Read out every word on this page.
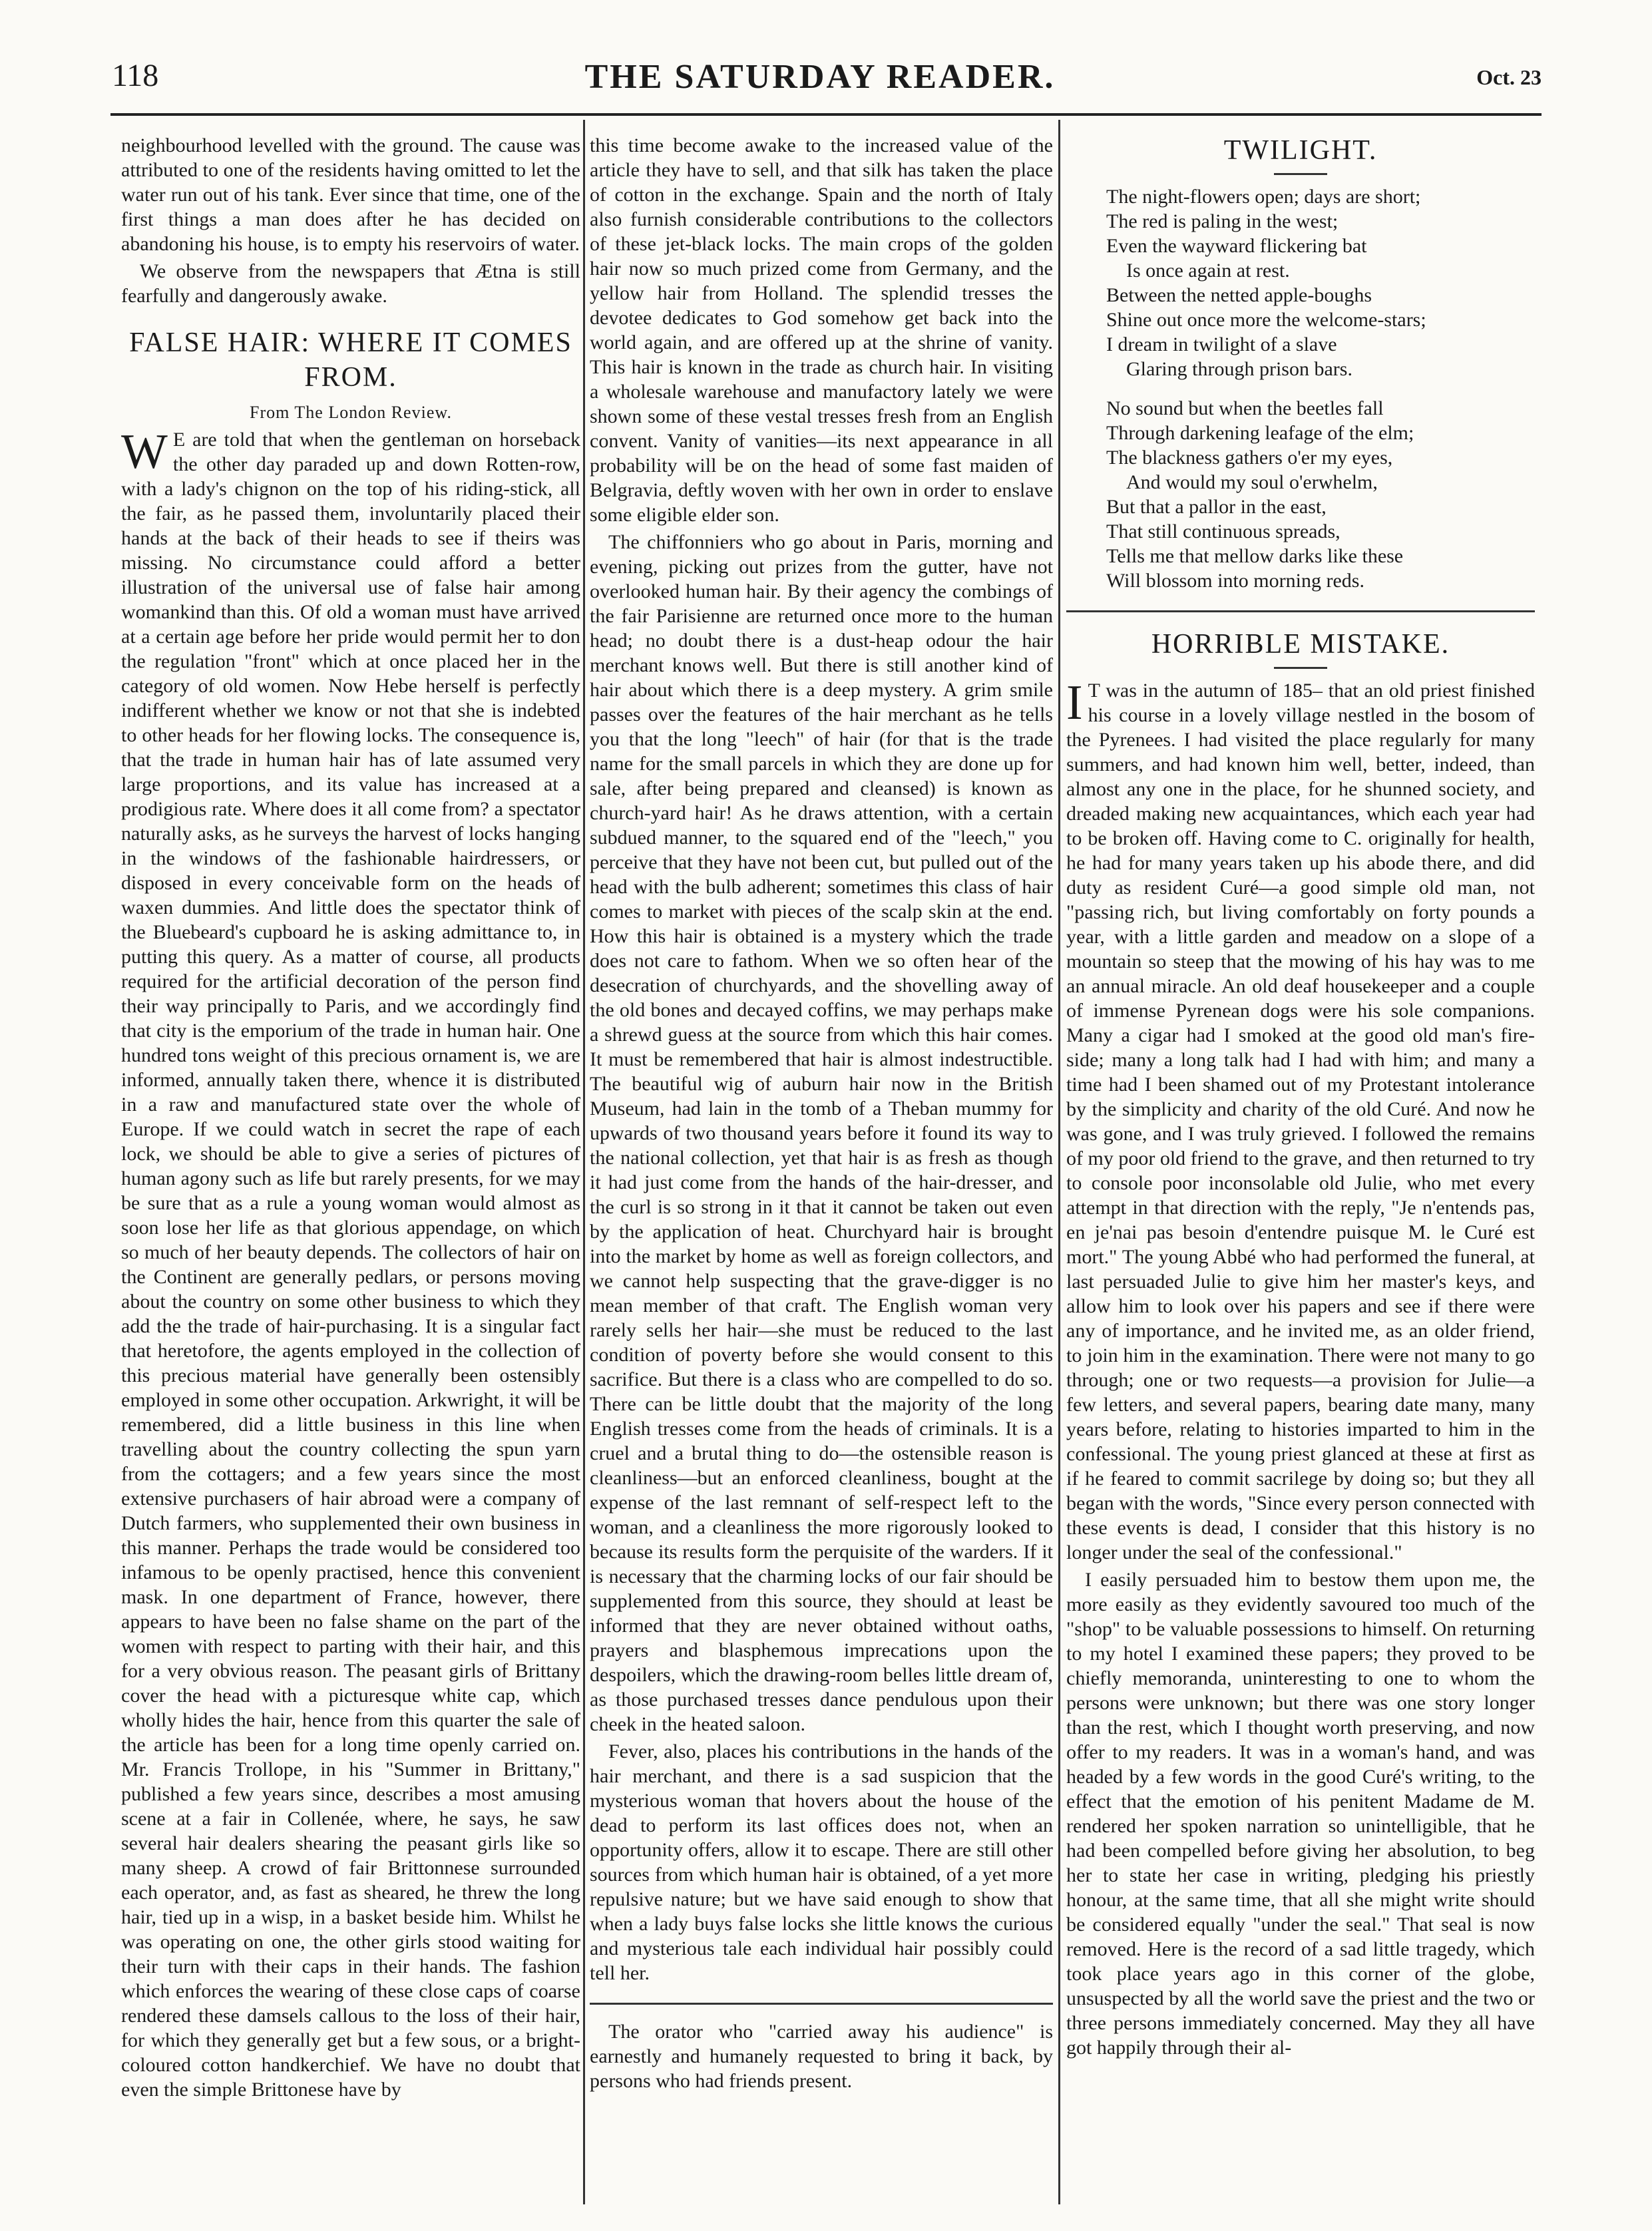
118	THE SATURDAY READER.	Oct. 23

neighbourhood levelled with the ground. The cause was attributed to one of the residents having omitted to let the water run out of his tank. Ever since that time, one of the first things a man does after he has decided on abandoning his house, is to empty his reservoirs of water.

We observe from the newspapers that Ætna is still fearfully and dangerously awake.

FALSE HAIR: WHERE IT COMES FROM.
From The London Review.

W E are told that when the gentleman on horseback the other day paraded up and down Rotten-row, with a lady's chignon on the top of his riding-stick, all the fair, as he passed them, involuntarily placed their hands at the back of their heads to see if theirs was missing. No circumstance could afford a better illustration of the universal use of false hair among womankind than this. Of old a woman must have arrived at a certain age before her pride would permit her to don the regulation "front" which at once placed her in the category of old women. Now Hebe herself is perfectly indifferent whether we know or not that she is indebted to other heads for her flowing locks. The consequence is, that the trade in human hair has of late assumed very large proportions, and its value has increased at a prodigious rate. Where does it all come from? a spectator naturally asks, as he surveys the harvest of locks hanging in the windows of the fashionable hairdressers, or disposed in every conceivable form on the heads of waxen dummies. And little does the spectator think of the Bluebeard's cupboard he is asking admittance to, in putting this query. As a matter of course, all products required for the artificial decoration of the person find their way principally to Paris, and we accordingly find that city is the emporium of the trade in human hair. One hundred tons weight of this precious ornament is, we are informed, annually taken there, whence it is distributed in a raw and manufactured state over the whole of Europe. If we could watch in secret the rape of each lock, we should be able to give a series of pictures of human agony such as life but rarely presents, for we may be sure that as a rule a young woman would almost as soon lose her life as that glorious appendage, on which so much of her beauty depends. The collectors of hair on the Continent are generally pedlars, or persons moving about the country on some other business to which they add the the trade of hair-purchasing. It is a singular fact that heretofore, the agents employed in the collection of this precious material have generally been ostensibly employed in some other occupation. Arkwright, it will be remembered, did a little business in this line when travelling about the country collecting the spun yarn from the cottagers; and a few years since the most extensive purchasers of hair abroad were a company of Dutch farmers, who supplemented their own business in this manner. Perhaps the trade would be considered too infamous to be openly practised, hence this convenient mask. In one department of France, however, there appears to have been no false shame on the part of the women with respect to parting with their hair, and this for a very obvious reason. The peasant girls of Brittany cover the head with a picturesque white cap, which wholly hides the hair, hence from this quarter the sale of the article has been for a long time openly carried on. Mr. Francis Trollope, in his "Summer in Brittany," published a few years since, describes a most amusing scene at a fair in Collenée, where, he says, he saw several hair dealers shearing the peasant girls like so many sheep. A crowd of fair Brittonnese surrounded each operator, and, as fast as sheared, he threw the long hair, tied up in a wisp, in a basket beside him. Whilst he was operating on one, the other girls stood waiting for their turn with their caps in their hands. The fashion which enforces the wearing of these close caps of coarse rendered these damsels callous to the loss of their hair, for which they generally get but a few sous, or a bright-coloured cotton handkerchief. We have no doubt that even the simple Brittonese have by

this time become awake to the increased value of the article they have to sell, and that silk has taken the place of cotton in the exchange. Spain and the north of Italy also furnish considerable contributions to the collectors of these jet-black locks. The main crops of the golden hair now so much prized come from Germany, and the yellow hair from Holland. The splendid tresses the devotee dedicates to God somehow get back into the world again, and are offered up at the shrine of vanity. This hair is known in the trade as church hair. In visiting a wholesale warehouse and manufactory lately we were shown some of these vestal tresses fresh from an English convent. Vanity of vanities—its next appearance in all probability will be on the head of some fast maiden of Belgravia, deftly woven with her own in order to enslave some eligible elder son.

The chiffonniers who go about in Paris, morning and evening, picking out prizes from the gutter, have not overlooked human hair. By their agency the combings of the fair Parisienne are returned once more to the human head; no doubt there is a dust-heap odour the hair merchant knows well. But there is still another kind of hair about which there is a deep mystery. A grim smile passes over the features of the hair merchant as he tells you that the long "leech" of hair (for that is the trade name for the small parcels in which they are done up for sale, after being prepared and cleansed) is known as church-yard hair! As he draws attention, with a certain subdued manner, to the squared end of the "leech," you perceive that they have not been cut, but pulled out of the head with the bulb adherent; sometimes this class of hair comes to market with pieces of the scalp skin at the end. How this hair is obtained is a mystery which the trade does not care to fathom. When we so often hear of the desecration of churchyards, and the shovelling away of the old bones and decayed coffins, we may perhaps make a shrewd guess at the source from which this hair comes. It must be remembered that hair is almost indestructible. The beautiful wig of auburn hair now in the British Museum, had lain in the tomb of a Theban mummy for upwards of two thousand years before it found its way to the national collection, yet that hair is as fresh as though it had just come from the hands of the hair-dresser, and the curl is so strong in it that it cannot be taken out even by the application of heat. Churchyard hair is brought into the market by home as well as foreign collectors, and we cannot help suspecting that the grave-digger is no mean member of that craft. The English woman very rarely sells her hair—she must be reduced to the last condition of poverty before she would consent to this sacrifice. But there is a class who are compelled to do so. There can be little doubt that the majority of the long English tresses come from the heads of criminals. It is a cruel and a brutal thing to do—the ostensible reason is cleanliness—but an enforced cleanliness, bought at the expense of the last remnant of self-respect left to the woman, and a cleanliness the more rigorously looked to because its results form the perquisite of the warders. If it is necessary that the charming locks of our fair should be supplemented from this source, they should at least be informed that they are never obtained without oaths, prayers and blasphemous imprecations upon the despoilers, which the drawing-room belles little dream of, as those purchased tresses dance pendulous upon their cheek in the heated saloon.

Fever, also, places his contributions in the hands of the hair merchant, and there is a sad suspicion that the mysterious woman that hovers about the house of the dead to perform its last offices does not, when an opportunity offers, allow it to escape. There are still other sources from which human hair is obtained, of a yet more repulsive nature; but we have said enough to show that when a lady buys false locks she little knows the curious and mysterious tale each individual hair possibly could tell her.

The orator who "carried away his audience" is earnestly and humanely requested to bring it back, by persons who had friends present.

TWILIGHT.
The night-flowers open; days are short;
The red is paling in the west;
Even the wayward flickering bat
Is once again at rest.
Between the netted apple-boughs
Shine out once more the welcome-stars;
I dream in twilight of a slave
Glaring through prison bars.
No sound but when the beetles fall
Through darkening leafage of the elm;
The blackness gathers o'er my eyes,
And would my soul o'erwhelm,
But that a pallor in the east,
That still continuous spreads,
Tells me that mellow darks like these
Will blossom into morning reds.
HORRIBLE MISTAKE.

I T was in the autumn of 185– that an old priest finished his course in a lovely village nestled in the bosom of the Pyrenees. I had visited the place regularly for many summers, and had known him well, better, indeed, than almost any one in the place, for he shunned society, and dreaded making new acquaintances, which each year had to be broken off. Having come to C. originally for health, he had for many years taken up his abode there, and did duty as resident Curé—a good simple old man, not "passing rich, but living comfortably on forty pounds a year, with a little garden and meadow on a slope of a mountain so steep that the mowing of his hay was to me an annual miracle. An old deaf housekeeper and a couple of immense Pyrenean dogs were his sole companions. Many a cigar had I smoked at the good old man's fire-side; many a long talk had I had with him; and many a time had I been shamed out of my Protestant intolerance by the simplicity and charity of the old Curé. And now he was gone, and I was truly grieved. I followed the remains of my poor old friend to the grave, and then returned to try to console poor inconsolable old Julie, who met every attempt in that direction with the reply, "Je n'entends pas, en je'nai pas besoin d'entendre puisque M. le Curé est mort." The young Abbé who had performed the funeral, at last persuaded Julie to give him her master's keys, and allow him to look over his papers and see if there were any of importance, and he invited me, as an older friend, to join him in the examination. There were not many to go through; one or two requests—a provision for Julie—a few letters, and several papers, bearing date many, many years before, relating to histories imparted to him in the confessional. The young priest glanced at these at first as if he feared to commit sacrilege by doing so; but they all began with the words, "Since every person connected with these events is dead, I consider that this history is no longer under the seal of the confessional."

I easily persuaded him to bestow them upon me, the more easily as they evidently savoured too much of the "shop" to be valuable possessions to himself. On returning to my hotel I examined these papers; they proved to be chiefly memoranda, uninteresting to one to whom the persons were unknown; but there was one story longer than the rest, which I thought worth preserving, and now offer to my readers. It was in a woman's hand, and was headed by a few words in the good Curé's writing, to the effect that the emotion of his penitent Madame de M. rendered her spoken narration so unintelligible, that he had been compelled before giving her absolution, to beg her to state her case in writing, pledging his priestly honour, at the same time, that all she might write should be considered equally "under the seal." That seal is now removed. Here is the record of a sad little tragedy, which took place years ago in this corner of the globe, unsuspected by all the world save the priest and the two or three persons immediately concerned. May they all have got happily through their al-
